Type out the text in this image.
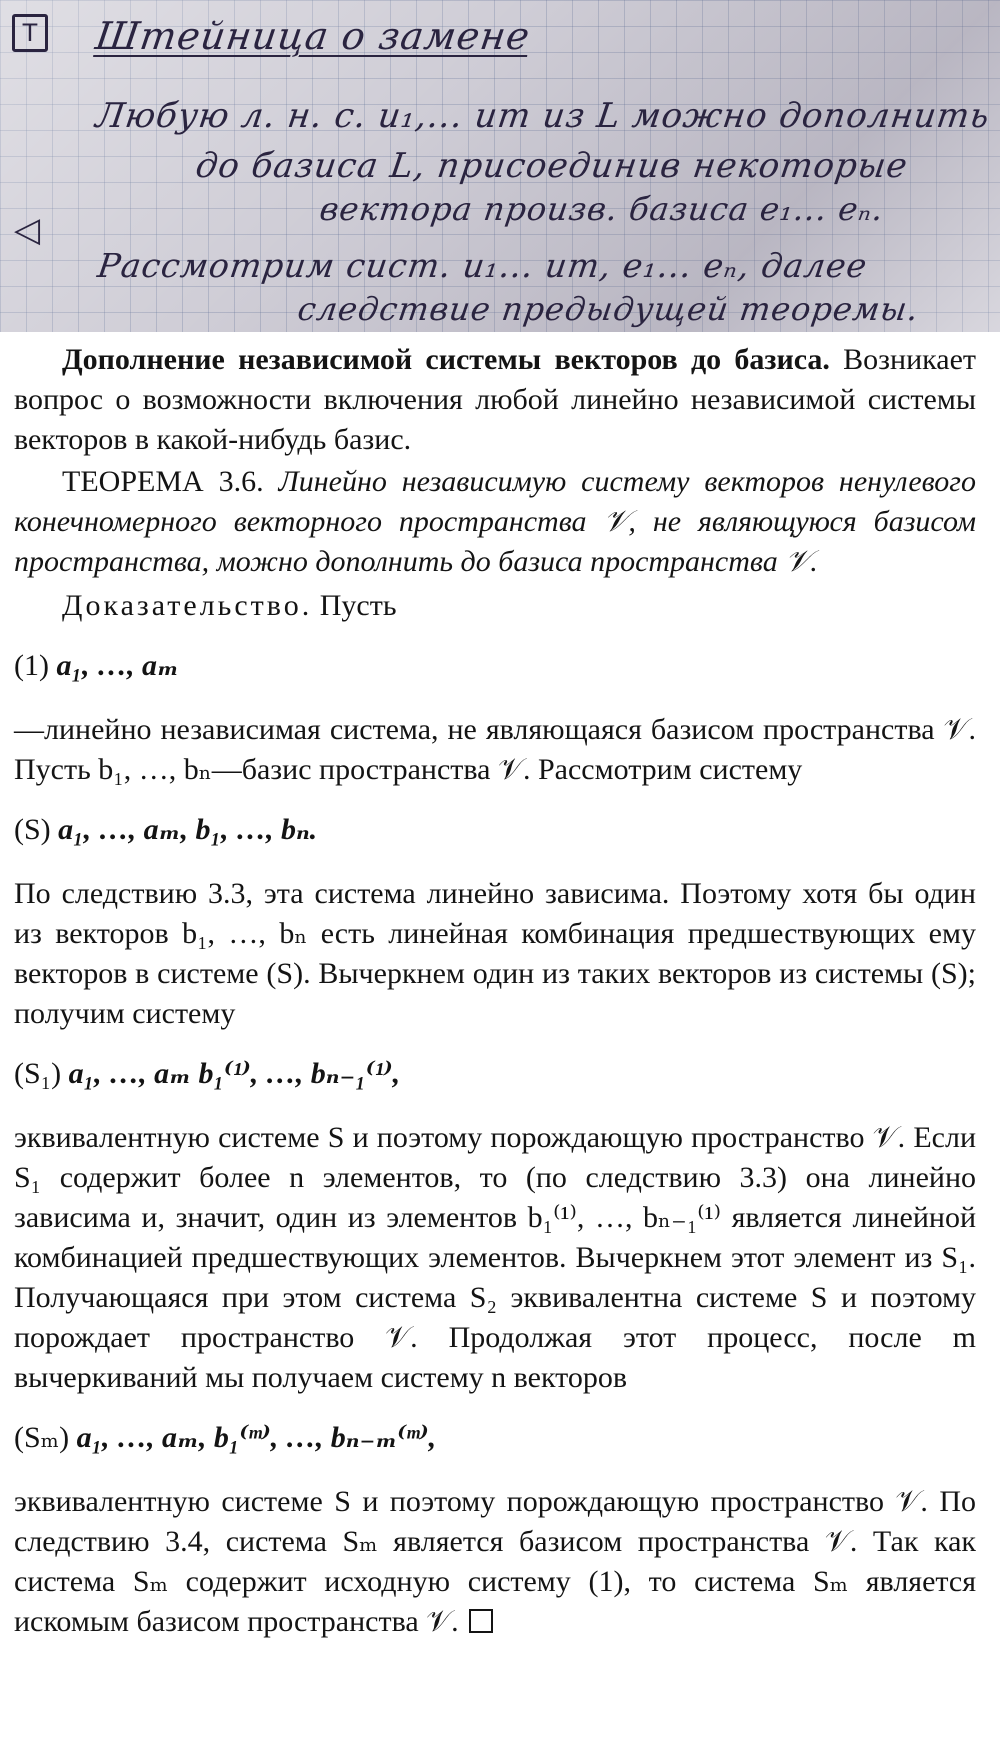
Т Штейница о замене
Любую л. н. с. u₁,... um из L можно дополнить
до базиса L, присоединив некоторые
вектора произв. базиса e₁... eₙ.
◁
Рассмотрим сист. u₁... um, e₁... eₙ, далее
следствие предыдущей теоремы.

Дополнение независимой системы векторов до базиса. Возникает вопрос о возможности включения любой линейно независимой системы векторов в какой-нибудь базис.

ТЕОРЕМА 3.6. Линейно независимую систему векторов ненулевого конечномерного векторного пространства 𝒱, не являющуюся базисом пространства, можно дополнить до базиса пространства 𝒱.

Доказательство. Пусть

(1) a₁, …, aₘ

—линейно независимая система, не являющаяся базисом пространства 𝒱. Пусть b₁, …, bₙ—базис пространства 𝒱. Рассмотрим систему

(S) a₁, …, aₘ, b₁, …, bₙ.

По следствию 3.3, эта система линейно зависима. Поэтому хотя бы один из векторов b₁, …, bₙ есть линейная комбинация предшествующих ему векторов в системе (S). Вычеркнем один из таких векторов из системы (S); получим систему

(S₁) a₁, …, aₘ b₁⁽¹⁾, …, bₙ₋₁⁽¹⁾,

эквивалентную системе S и поэтому порождающую пространство 𝒱. Если S₁ содержит более n элементов, то (по следствию 3.3) она линейно зависима и, значит, один из элементов b₁⁽¹⁾, …, bₙ₋₁⁽¹⁾ является линейной комбинацией предшествующих элементов. Вычеркнем этот элемент из S₁. Получающаяся при этом система S₂ эквивалентна системе S и поэтому порождает пространство 𝒱. Продолжая этот процесс, после m вычеркиваний мы получаем систему n векторов

(Sₘ) a₁, …, aₘ, b₁⁽ᵐ⁾, …, bₙ₋ₘ⁽ᵐ⁾,

эквивалентную системе S и поэтому порождающую пространство 𝒱. По следствию 3.4, система Sₘ является базисом пространства 𝒱. Так как система Sₘ содержит исходную систему (1), то система Sₘ является искомым базисом пространства 𝒱.
